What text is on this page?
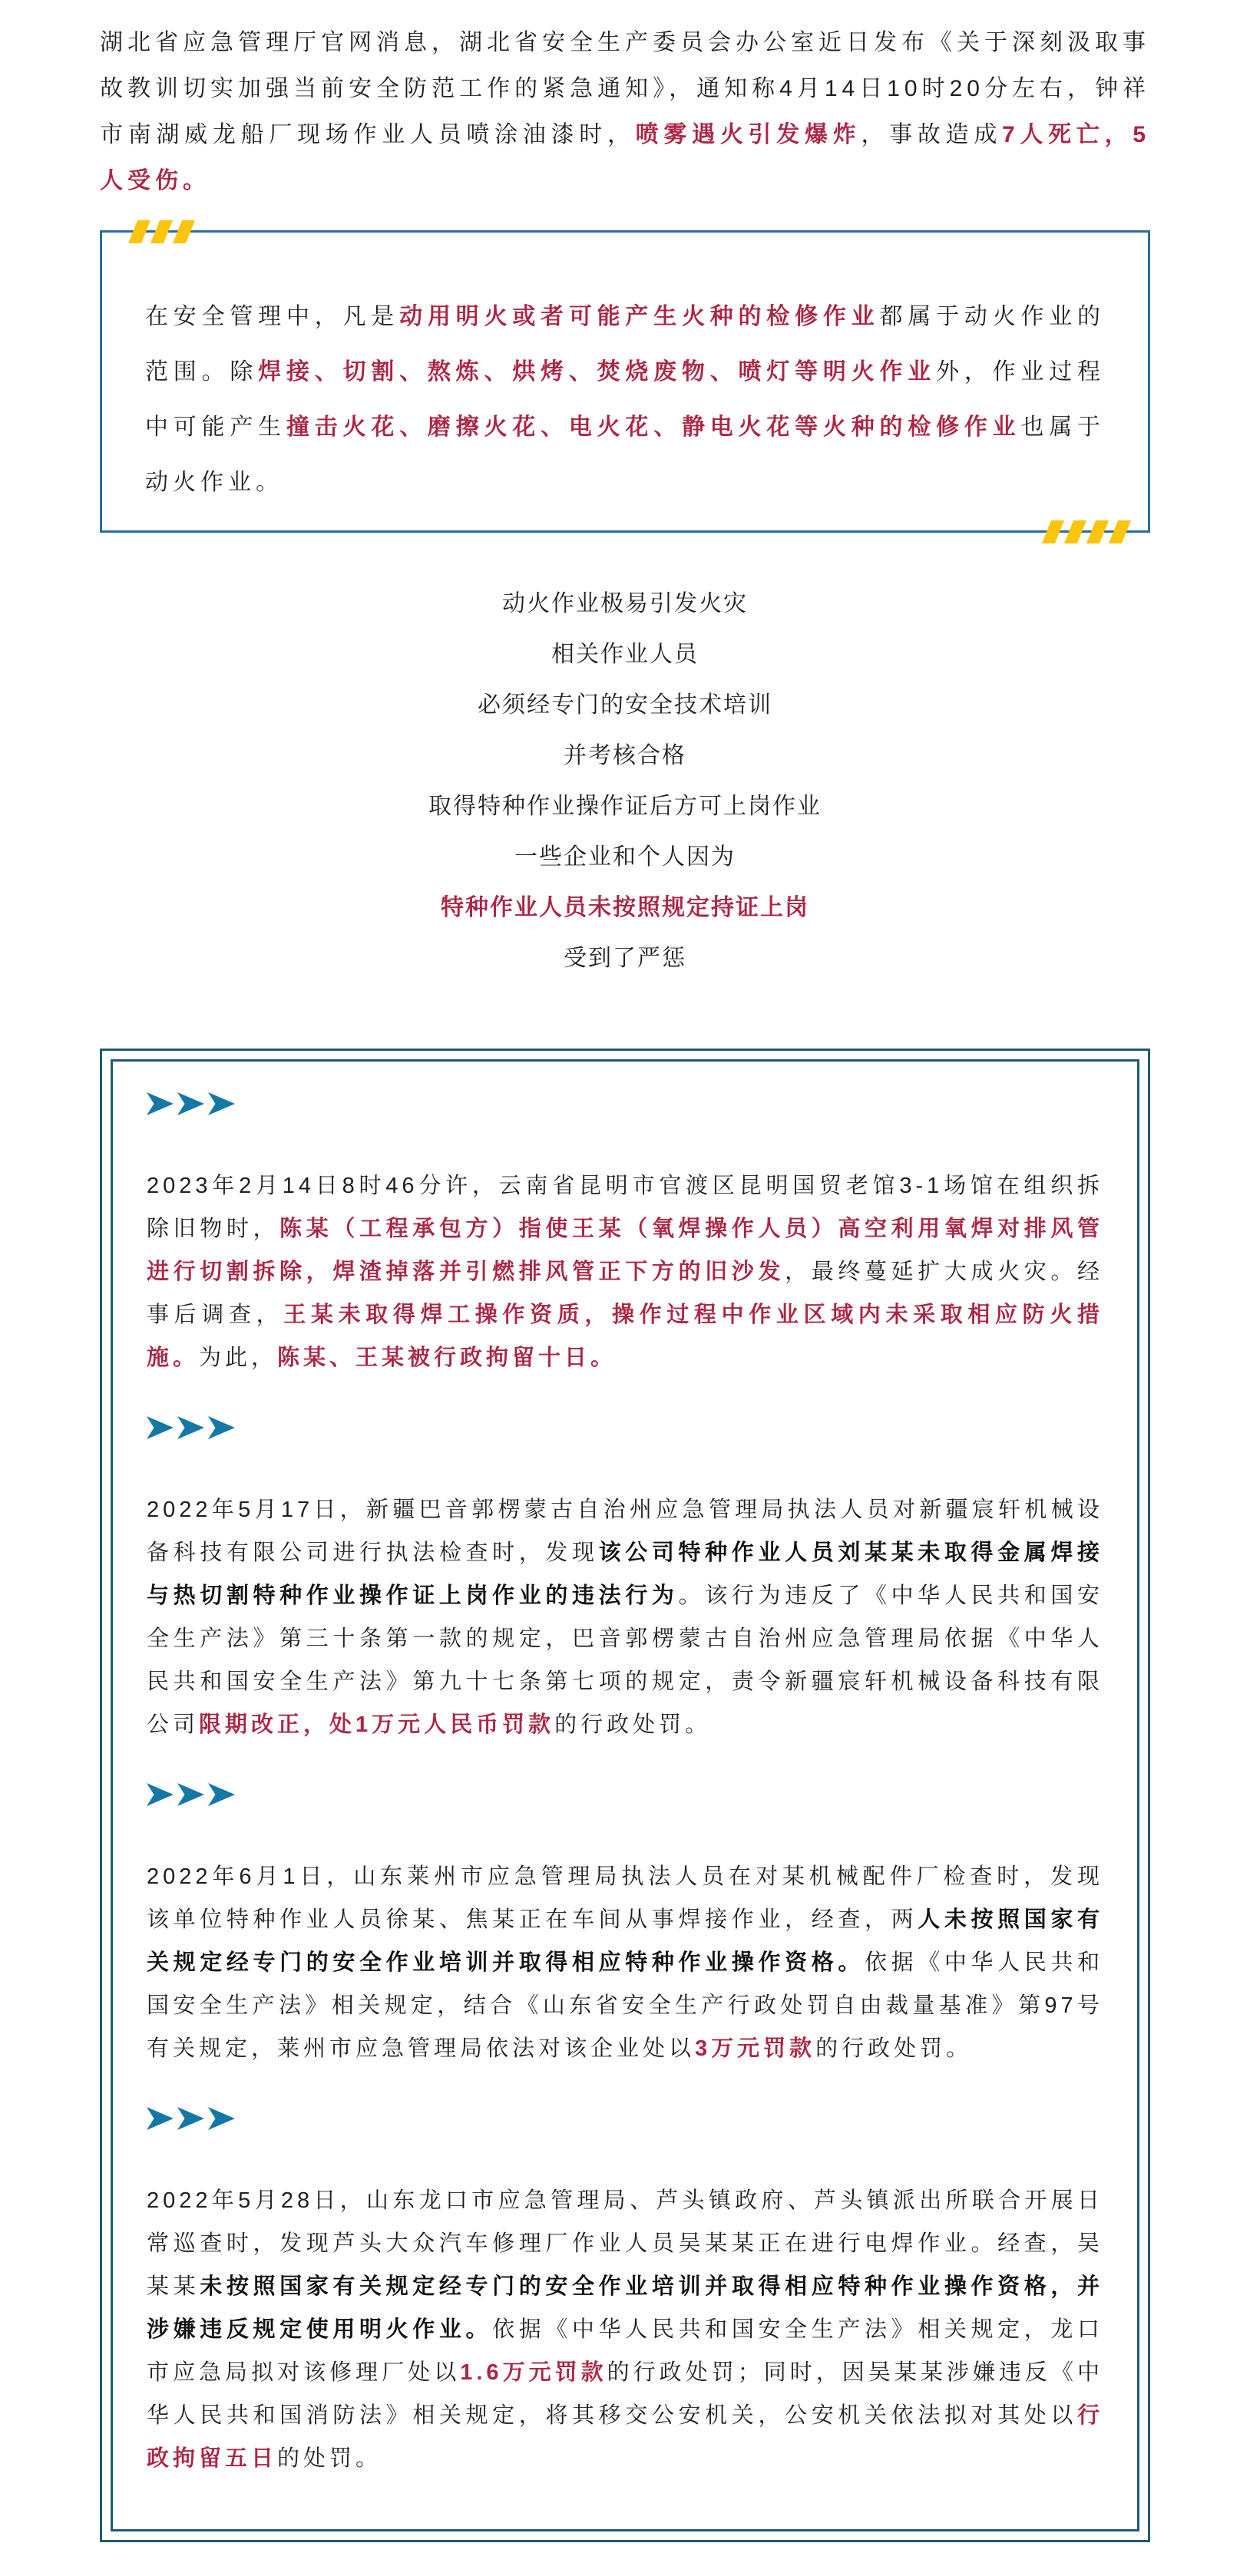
湖北省应急管理厅官网消息，湖北省安全生产委员会办公室近日发布《关于深刻汲取事故教训切实加强当前安全防范工作的紧急通知》，通知称4月14日10时20分左右，钟祥市南湖威龙船厂现场作业人员喷涂油漆时，喷雾遇火引发爆炸，事故造成7人死亡，5人受伤。

在安全管理中，凡是动用明火或者可能产生火种的检修作业都属于动火作业的范围。除焊接、切割、熬炼、烘烤、焚烧废物、喷灯等明火作业外，作业过程中可能产生撞击火花、磨擦火花、电火花、静电火花等火种的检修作业也属于动火作业。

动火作业极易引发火灾
相关作业人员
必须经专门的安全技术培训
并考核合格
取得特种作业操作证后方可上岗作业
一些企业和个人因为
特种作业人员未按照规定持证上岗
受到了严惩

2023年2月14日8时46分许，云南省昆明市官渡区昆明国贸老馆3-1场馆在组织拆除旧物时，陈某（工程承包方）指使王某（氧焊操作人员）高空利用氧焊对排风管进行切割拆除，焊渣掉落并引燃排风管正下方的旧沙发，最终蔓延扩大成火灾。经事后调查，王某未取得焊工操作资质，操作过程中作业区域内未采取相应防火措施。为此，陈某、王某被行政拘留十日。

2022年5月17日，新疆巴音郭楞蒙古自治州应急管理局执法人员对新疆宸轩机械设备科技有限公司进行执法检查时，发现该公司特种作业人员刘某某未取得金属焊接与热切割特种作业操作证上岗作业的违法行为。该行为违反了《中华人民共和国安全生产法》第三十条第一款的规定，巴音郭楞蒙古自治州应急管理局依据《中华人民共和国安全生产法》第九十七条第七项的规定，责令新疆宸轩机械设备科技有限公司限期改正，处1万元人民币罚款的行政处罚。

2022年6月1日，山东莱州市应急管理局执法人员在对某机械配件厂检查时，发现该单位特种作业人员徐某、焦某正在车间从事焊接作业，经查，两人未按照国家有关规定经专门的安全作业培训并取得相应特种作业操作资格。依据《中华人民共和国安全生产法》相关规定，结合《山东省安全生产行政处罚自由裁量基准》第97号有关规定，莱州市应急管理局依法对该企业处以3万元罚款的行政处罚。

2022年5月28日，山东龙口市应急管理局、芦头镇政府、芦头镇派出所联合开展日常巡查时，发现芦头大众汽车修理厂作业人员吴某某正在进行电焊作业。经查，吴某某未按照国家有关规定经专门的安全作业培训并取得相应特种作业操作资格，并涉嫌违反规定使用明火作业。依据《中华人民共和国安全生产法》相关规定，龙口市应急局拟对该修理厂处以1.6万元罚款的行政处罚；同时，因吴某某涉嫌违反《中华人民共和国消防法》相关规定，将其移交公安机关，公安机关依法拟对其处以行政拘留五日的处罚。
